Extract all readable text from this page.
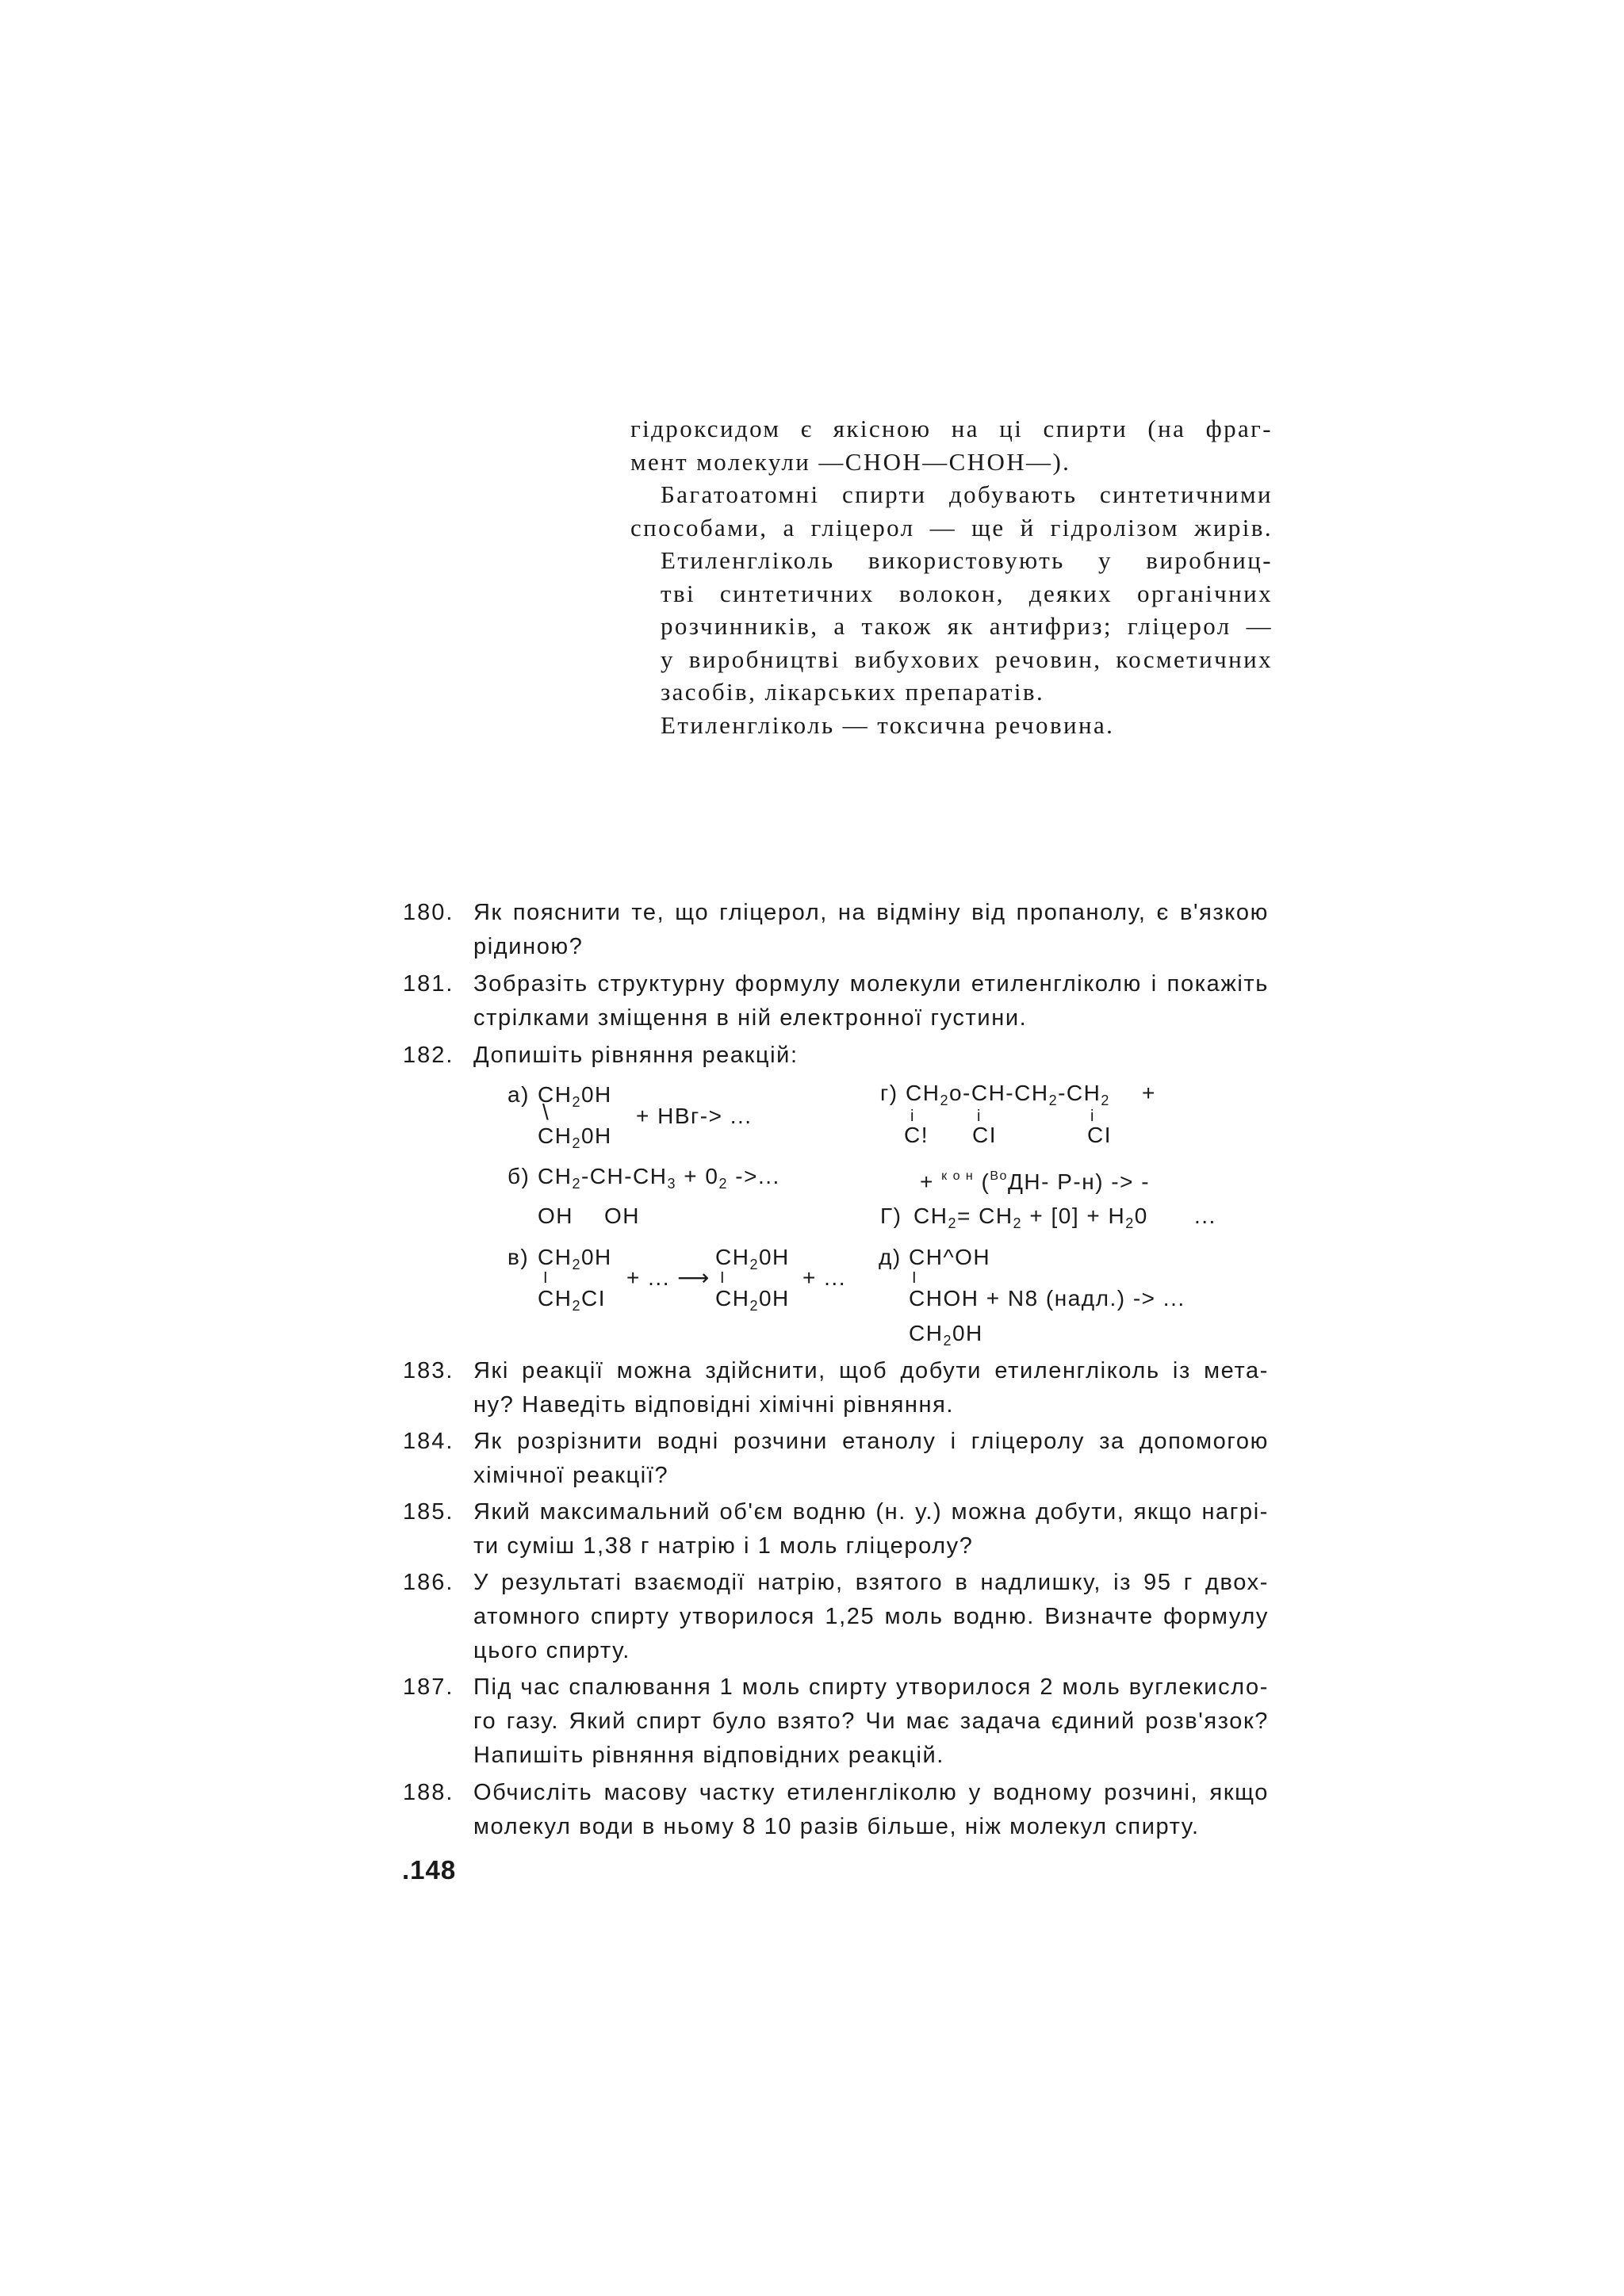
гідроксидом є якісною на ці спирти (на фраг-
мент молекули —СНОН—СНОН—).

Багатоатомні спирти добувають синтетичними
способами, а гліцерол — ще й гідролізом жирів.

Етиленгліколь використовують у виробниц-
тві синтетичних волокон, деяких органічних
розчинників, а також як антифриз; гліцерол —
у виробництві вибухових речовин, косметичних
засобів, лікарських препаратів.

Етиленгліколь — токсична речовина.

180. Як пояснити те, що гліцерол, на відміну від пропанолу, є в'язкою
рідиною?
181. Зобразіть структурну формулу молекули етиленгліколю і покажіть
стрілками зміщення в ній електронної густини.
182. Допишіть рівняння реакцій:
а) $CH_20H$
\	+ HBг-> ...
$CH_20H$
г) $CH_2o-CH-CH_2-CH_2$ +
i	i	i
C! CI	CI
б) $CH_2-CH-CH_3 + 0_2$ ->...
OH OH
+ $^{к о н}$ ($^{Во}$ДН- Р-н) -> -
Г) $CH_2= CH_2 + [0] + H_20$ ...
в) $CH_20H$
I
$CH_2CI$
+ ... ⟶
$CH_20H$
I
$CH_20H$
+ ...
д) CH^OH
I
CHOH + N8 (надл.) -> ...
$CH_20H$
183. Які реакції можна здійснити, щоб добути етиленгліколь із мета-
ну? Наведіть відповідні хімічні рівняння.
184. Як розрізнити водні розчини етанолу і гліцеролу за допомогою
хімічної реакції?
185. Який максимальний об'єм водню (н. у.) можна добути, якщо нагрі-
ти суміш 1,38 г натрію і 1 моль гліцеролу?
186. У результаті взаємодії натрію, взятого в надлишку, із 95 г двох-
атомного спирту утворилося 1,25 моль водню. Визначте формулу
цього спирту.
187. Під час спалювання 1 моль спирту утворилося 2 моль вуглекисло-
го газу. Який спирт було взято? Чи має задача єдиний розв'язок?
Напишіть рівняння відповідних реакцій.
188. Обчисліть масову частку етиленгліколю у водному розчині, якщо
молекул води в ньому 8 10 разів більше, ніж молекул спирту.
.148
